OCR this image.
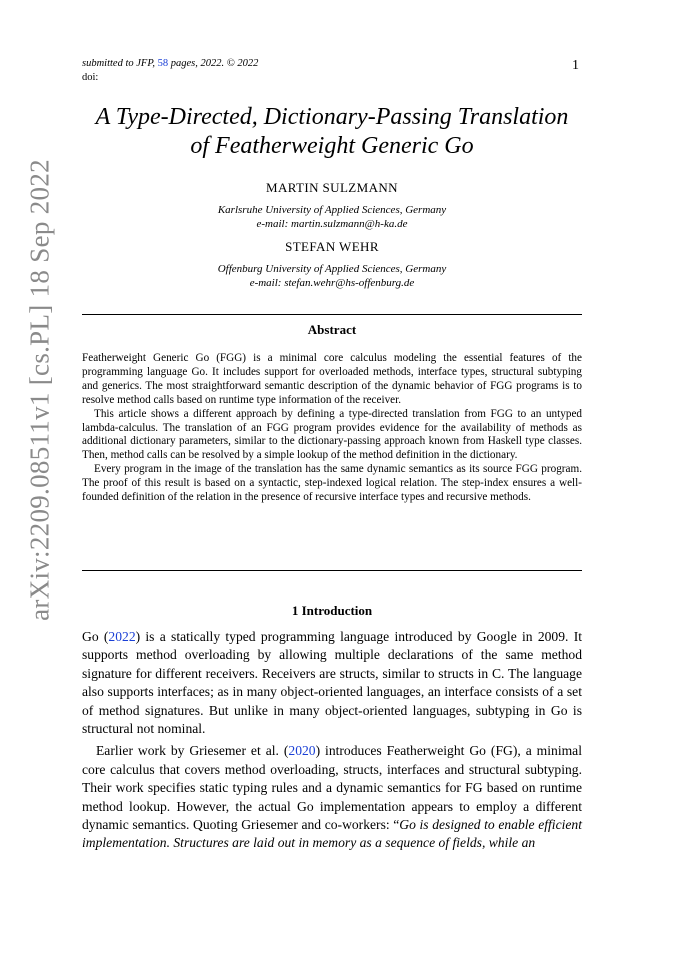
submitted to JFP, 58 pages, 2022. © 2022
doi:
1
arXiv:2209.08511v1 [cs.PL] 18 Sep 2022
A Type-Directed, Dictionary-Passing Translation
of Featherweight Generic Go
MARTIN SULZMANN
Karlsruhe University of Applied Sciences, Germany
e-mail: martin.sulzmann@h-ka.de
STEFAN WEHR
Offenburg University of Applied Sciences, Germany
e-mail: stefan.wehr@hs-offenburg.de
Abstract

Featherweight Generic Go (FGG) is a minimal core calculus modeling the essential features of the programming language Go. It includes support for overloaded methods, interface types, structural subtyping and generics. The most straightforward semantic description of the dynamic behavior of FGG programs is to resolve method calls based on runtime type information of the receiver.

This article shows a different approach by defining a type-directed translation from FGG to an untyped lambda-calculus. The translation of an FGG program provides evidence for the availability of methods as additional dictionary parameters, similar to the dictionary-passing approach known from Haskell type classes. Then, method calls can be resolved by a simple lookup of the method definition in the dictionary.

Every program in the image of the translation has the same dynamic semantics as its source FGG program. The proof of this result is based on a syntactic, step-indexed logical relation. The step-index ensures a well-founded definition of the relation in the presence of recursive interface types and recursive methods.

1 Introduction

Go (2022) is a statically typed programming language introduced by Google in 2009. It supports method overloading by allowing multiple declarations of the same method signature for different receivers. Receivers are structs, similar to structs in C. The language also supports interfaces; as in many object-oriented languages, an interface consists of a set of method signatures. But unlike in many object-oriented languages, subtyping in Go is structural not nominal.

Earlier work by Griesemer et al. (2020) introduces Featherweight Go (FG), a minimal core calculus that covers method overloading, structs, interfaces and structural subtyping. Their work specifies static typing rules and a dynamic semantics for FG based on runtime method lookup. However, the actual Go implementation appears to employ a different dynamic semantics. Quoting Griesemer and co-workers: “Go is designed to enable efficient implementation. Structures are laid out in memory as a sequence of fields, while an
